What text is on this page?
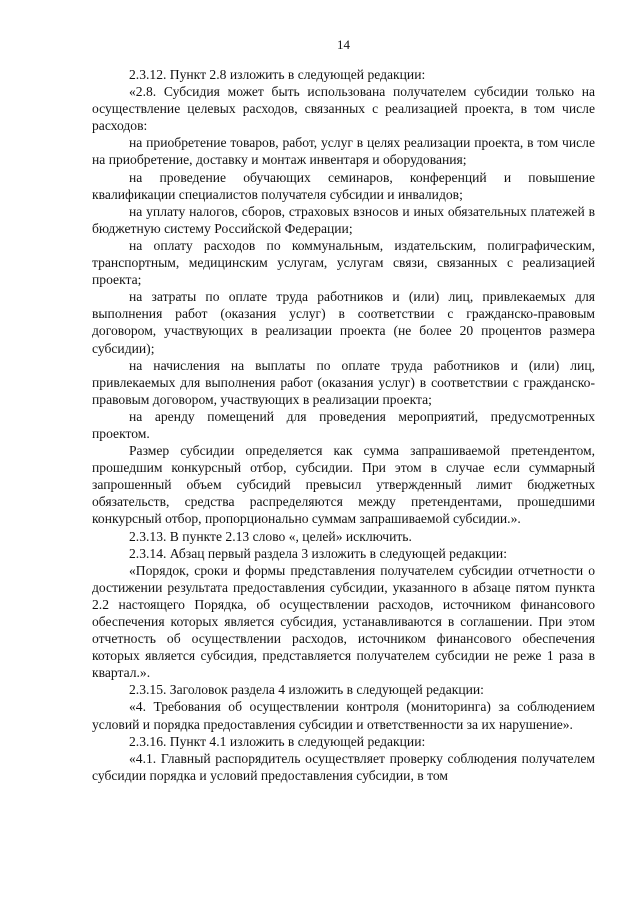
14

2.3.12. Пункт 2.8 изложить в следующей редакции:

«2.8. Субсидия может быть использована получателем субсидии только на осуществление целевых расходов, связанных с реализацией проекта, в том числе расходов:

на приобретение товаров, работ, услуг в целях реализации проекта, в том числе на приобретение, доставку и монтаж инвентаря и оборудования;

на проведение обучающих семинаров, конференций и повышение квалификации специалистов получателя субсидии и инвалидов;

на уплату налогов, сборов, страховых взносов и иных обязательных платежей в бюджетную систему Российской Федерации;

на оплату расходов по коммунальным, издательским, полиграфическим, транспортным, медицинским услугам, услугам связи, связанных с реализацией проекта;

на затраты по оплате труда работников и (или) лиц, привлекаемых для выполнения работ (оказания услуг) в соответствии с гражданско-правовым договором, участвующих в реализации проекта (не более 20 процентов размера субсидии);

на начисления на выплаты по оплате труда работников и (или) лиц, привлекаемых для выполнения работ (оказания услуг) в соответствии с гражданско-правовым договором, участвующих в реализации проекта;

на аренду помещений для проведения мероприятий, предусмотренных проектом.

Размер субсидии определяется как сумма запрашиваемой претендентом, прошедшим конкурсный отбор, субсидии. При этом в случае если суммарный запрошенный объем субсидий превысил утвержденный лимит бюджетных обязательств, средства распределяются между претендентами, прошедшими конкурсный отбор, пропорционально суммам запрашиваемой субсидии.».

2.3.13. В пункте 2.13 слово «, целей» исключить.

2.3.14. Абзац первый раздела 3 изложить в следующей редакции:

«Порядок, сроки и формы представления получателем субсидии отчетности о достижении результата предоставления субсидии, указанного в абзаце пятом пункта 2.2 настоящего Порядка, об осуществлении расходов, источником финансового обеспечения которых является субсидия, устанавливаются в соглашении. При этом отчетность об осуществлении расходов, источником финансового обеспечения которых является субсидия, представляется получателем субсидии не реже 1 раза в квартал.».

2.3.15. Заголовок раздела 4 изложить в следующей редакции:

«4. Требования об осуществлении контроля (мониторинга) за соблюдением условий и порядка предоставления субсидии и ответственности за их нарушение».

2.3.16. Пункт 4.1 изложить в следующей редакции:

«4.1. Главный распорядитель осуществляет проверку соблюдения получателем субсидии порядка и условий предоставления субсидии, в том
